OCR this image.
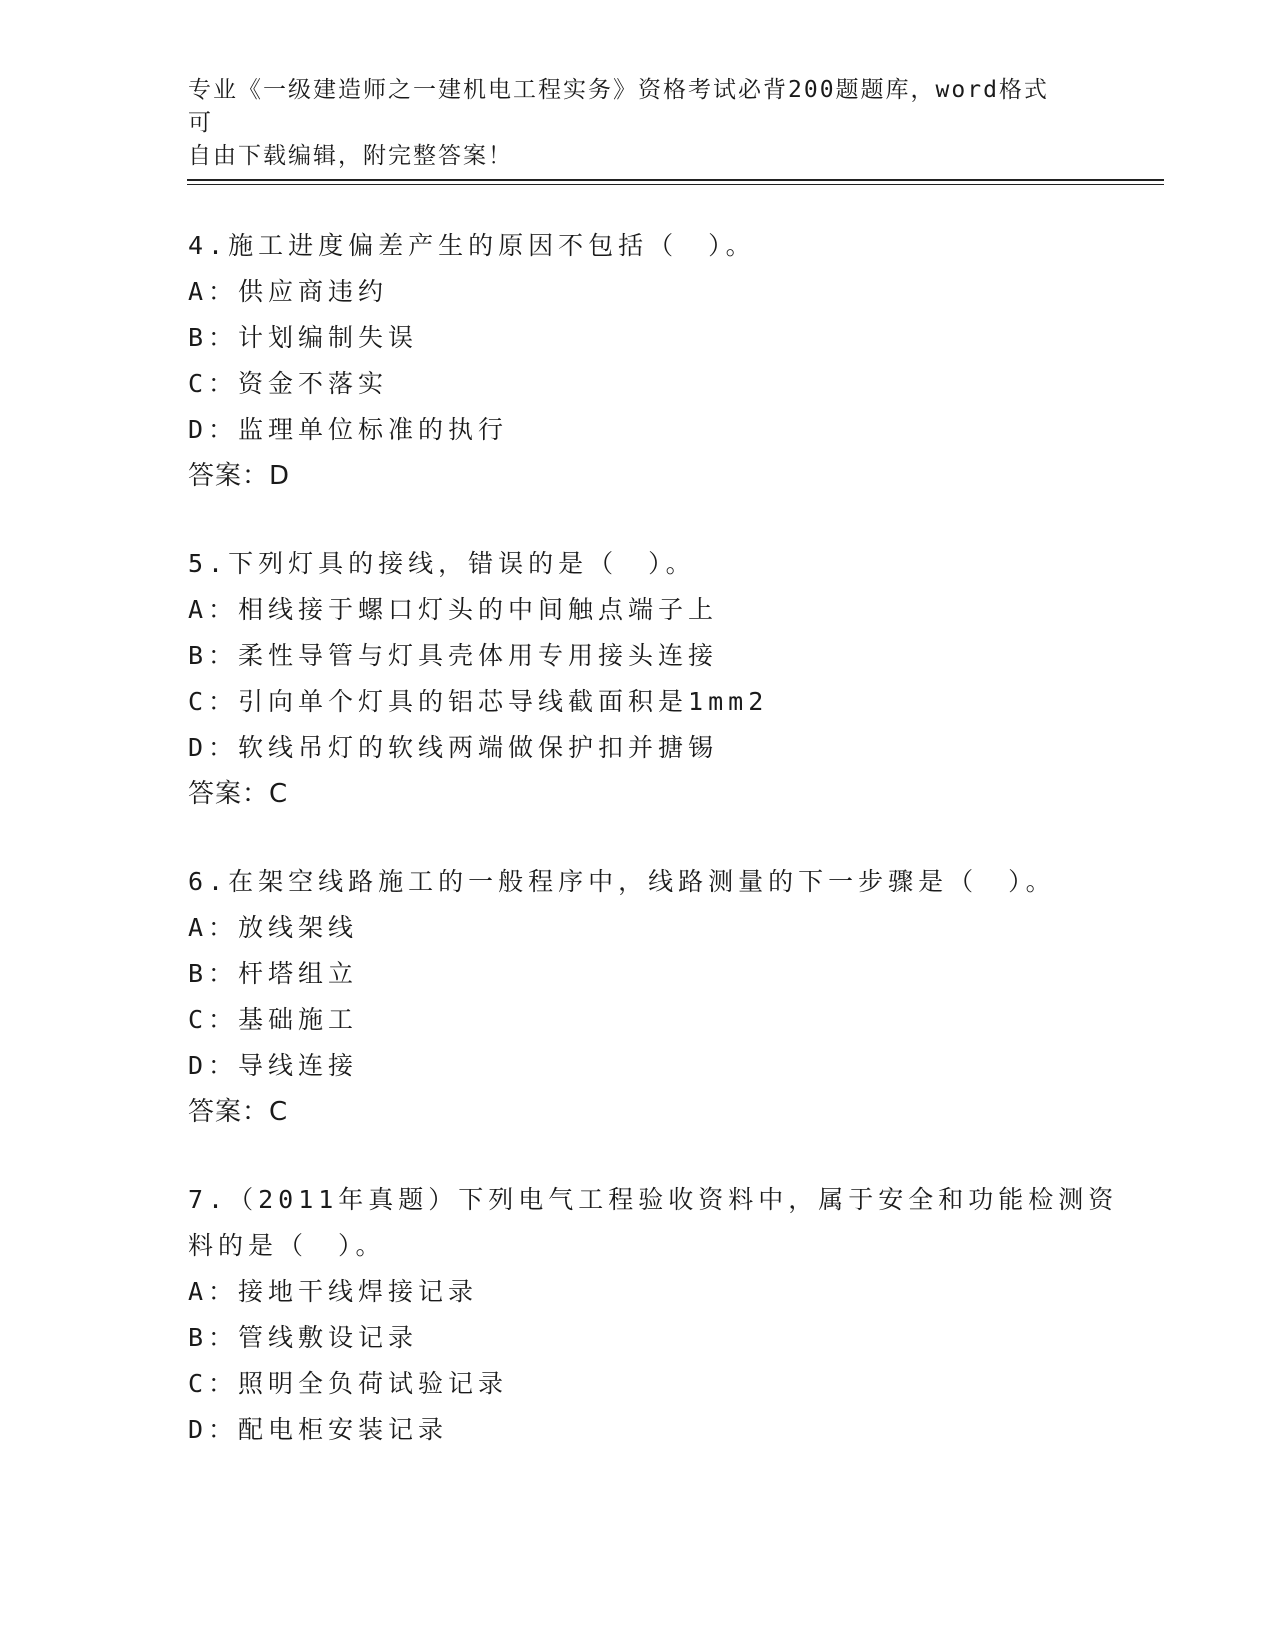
专业《一级建造师之一建机电工程实务》资格考试必背200题题库，word格式可
自由下载编辑，附完整答案！
4.施工进度偏差产生的原因不包括（　）。
A：供应商违约
B：计划编制失误
C：资金不落实
D：监理单位标准的执行
答案：D
5.下列灯具的接线，错误的是（　）。
A：相线接于螺口灯头的中间触点端子上
B：柔性导管与灯具壳体用专用接头连接
C：引向单个灯具的铝芯导线截面积是1mm2
D：软线吊灯的软线两端做保护扣并搪锡
答案：C
6.在架空线路施工的一般程序中，线路测量的下一步骤是（　）。
A：放线架线
B：杆塔组立
C：基础施工
D：导线连接
答案：C
7.（2011年真题）下列电气工程验收资料中，属于安全和功能检测资
料的是（　）。
A：接地干线焊接记录
B：管线敷设记录
C：照明全负荷试验记录
D：配电柜安装记录
